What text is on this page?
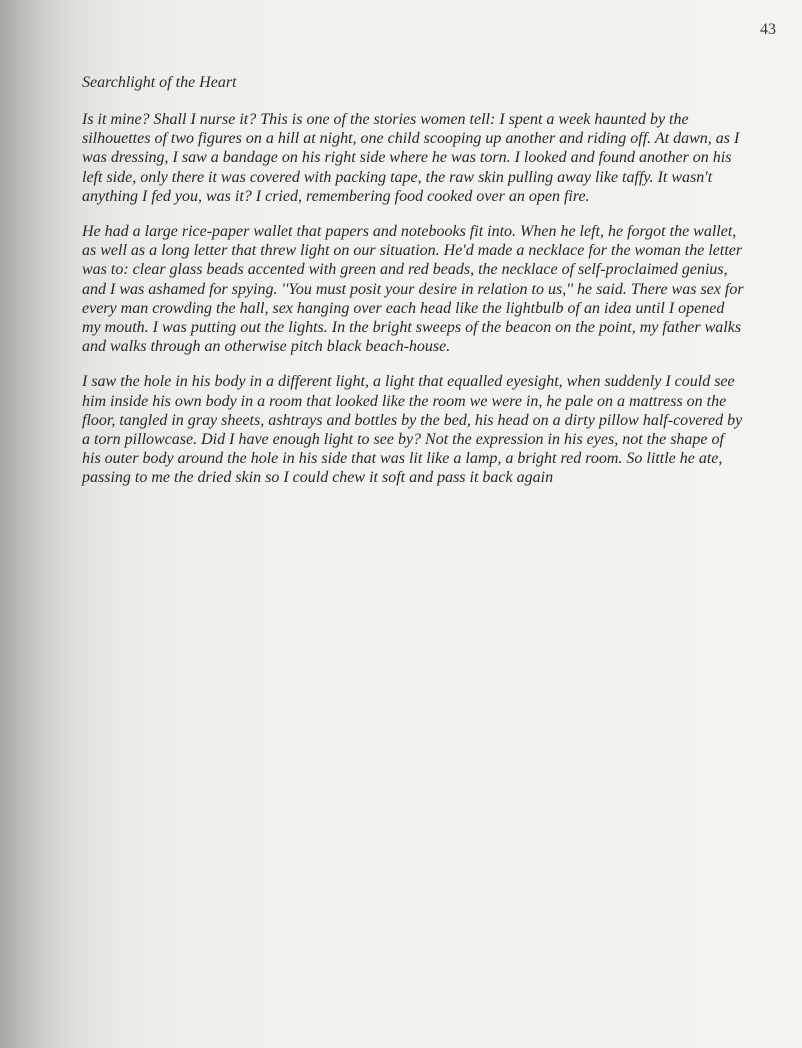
43
Searchlight of the Heart

Is it mine? Shall I nurse it? This is one of the stories women tell: I spent a week haunted by the silhouettes of two figures on a hill at night, one child scooping up another and riding off. At dawn, as I was dressing, I saw a bandage on his right side where he was torn. I looked and found another on his left side, only there it was covered with packing tape, the raw skin pulling away like taffy. It wasn't anything I fed you, was it? I cried, remembering food cooked over an open fire.

He had a large rice-paper wallet that papers and notebooks fit into. When he left, he forgot the wallet, as well as a long letter that threw light on our situation. He'd made a necklace for the woman the letter was to: clear glass beads accented with green and red beads, the necklace of self-proclaimed genius, and I was ashamed for spying. ''You must posit your desire in relation to us,'' he said. There was sex for every man crowding the hall, sex hanging over each head like the lightbulb of an idea until I opened my mouth. I was putting out the lights. In the bright sweeps of the beacon on the point, my father walks and walks through an otherwise pitch black beach-house.

I saw the hole in his body in a different light, a light that equalled eyesight, when suddenly I could see him inside his own body in a room that looked like the room we were in, he pale on a mattress on the floor, tangled in gray sheets, ashtrays and bottles by the bed, his head on a dirty pillow half-covered by a torn pillowcase. Did I have enough light to see by? Not the expression in his eyes, not the shape of his outer body around the hole in his side that was lit like a lamp, a bright red room. So little he ate, passing to me the dried skin so I could chew it soft and pass it back again
